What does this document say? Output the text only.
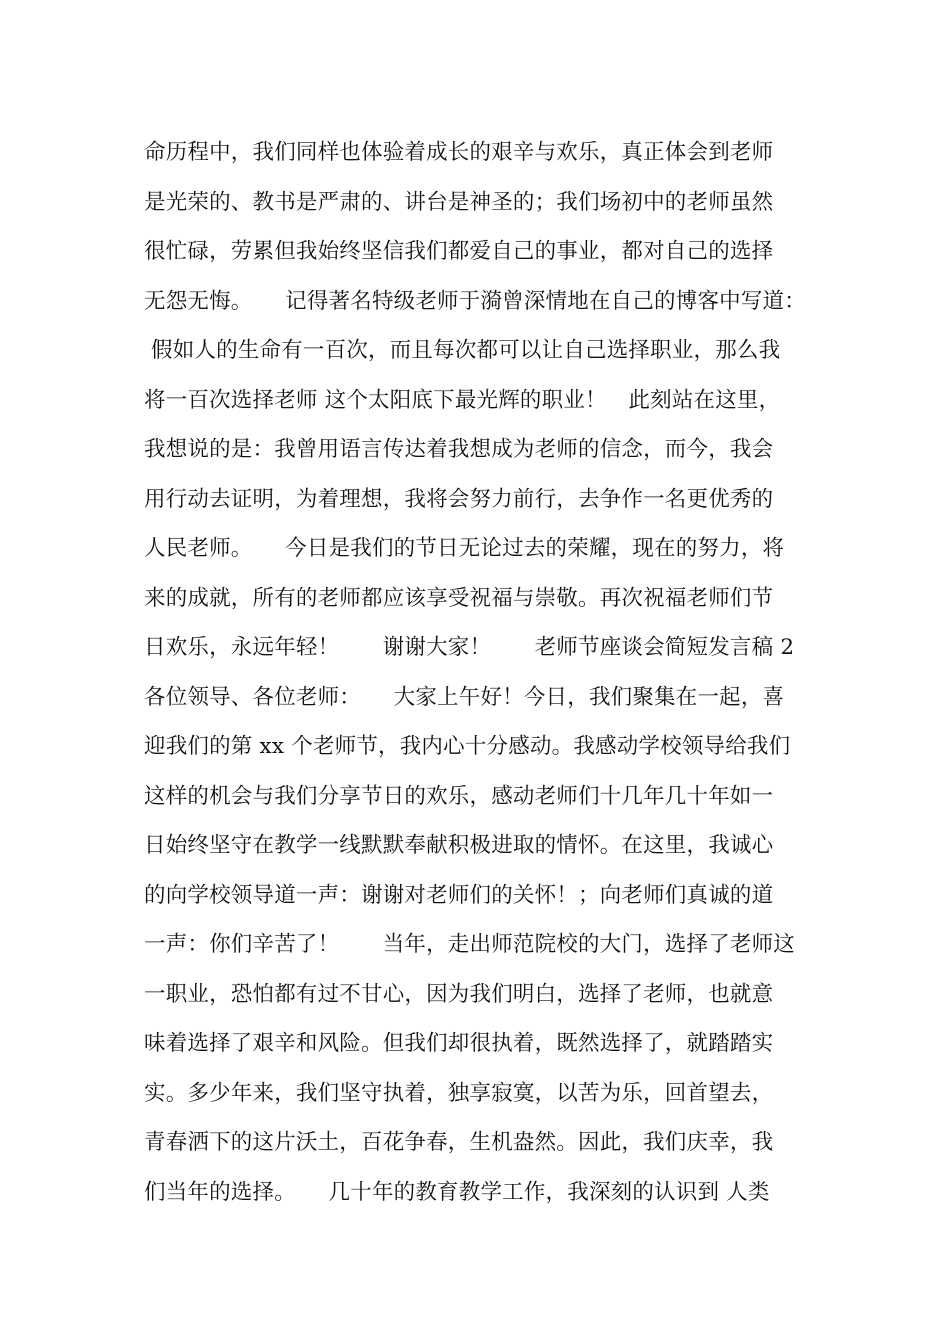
命历程中，我们同样也体验着成长的艰辛与欢乐，真正体会到老师
是光荣的、教书是严肃的、讲台是神圣的；我们场初中的老师虽然
很忙碌，劳累但我始终坚信我们都爱自己的事业，都对自己的选择
无怨无悔。　　记得著名特级老师于漪曾深情地在自己的博客中写道：
假如人的生命有一百次，而且每次都可以让自己选择职业，那么我
将一百次选择老师 这个太阳底下最光辉的职业！　此刻站在这里，
我想说的是：我曾用语言传达着我想成为老师的信念，而今，我会
用行动去证明，为着理想，我将会努力前行，去争作一名更优秀的
人民老师。　　今日是我们的节日无论过去的荣耀，现在的努力，将
来的成就，所有的老师都应该享受祝福与崇敬。再次祝福老师们节
日欢乐，永远年轻！　　谢谢大家！　　老师节座谈会简短发言稿 2
各位领导、各位老师：　　大家上午好！今日，我们聚集在一起，喜
迎我们的第 xx 个老师节，我内心十分感动。我感动学校领导给我们
这样的机会与我们分享节日的欢乐，感动老师们十几年几十年如一
日始终坚守在教学一线默默奉献积极进取的情怀。在这里，我诚心
的向学校领导道一声：谢谢对老师们的关怀！；向老师们真诚的道
一声：你们辛苦了！　　当年，走出师范院校的大门，选择了老师这
一职业，恐怕都有过不甘心，因为我们明白，选择了老师，也就意
味着选择了艰辛和风险。但我们却很执着，既然选择了，就踏踏实
实。多少年来，我们坚守执着，独享寂寞，以苦为乐，回首望去，
青春洒下的这片沃土，百花争春，生机盎然。因此，我们庆幸，我
们当年的选择。　　几十年的教育教学工作，我深刻的认识到 人类
